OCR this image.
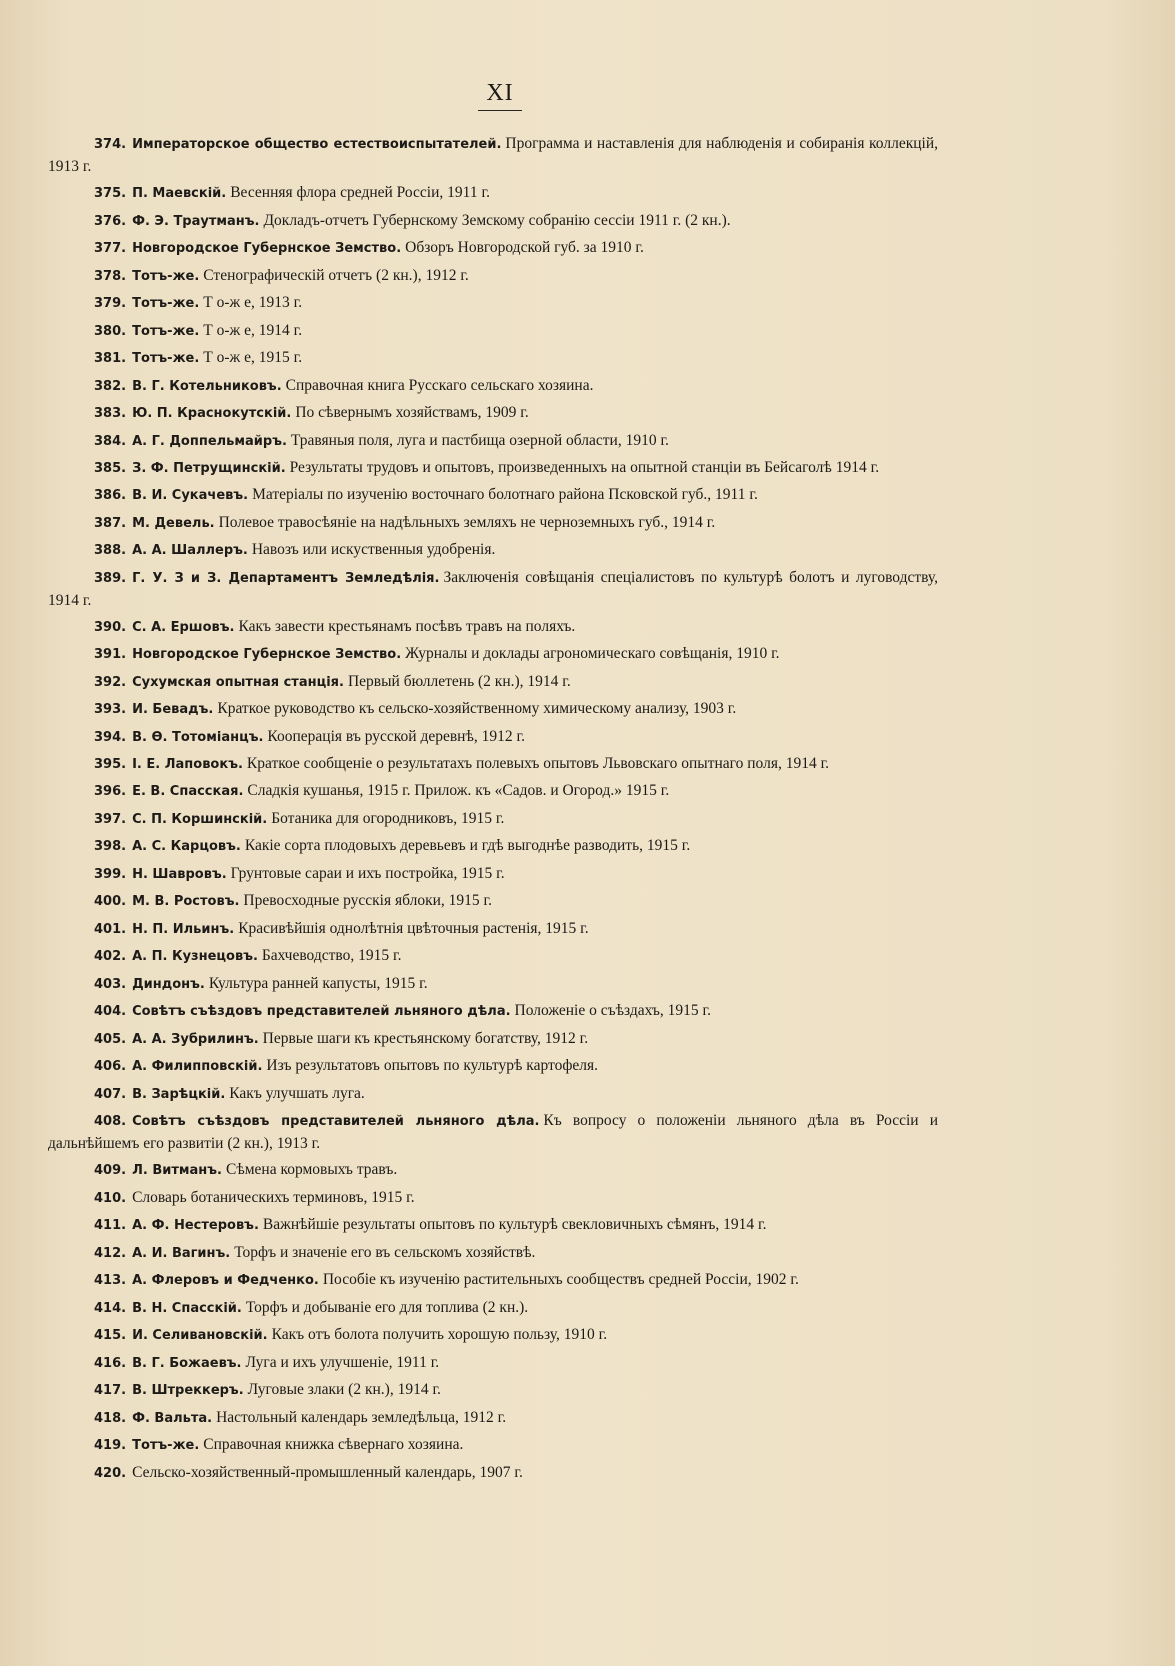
XI
374. Императорское общество естествоиспытателей. Программа и наставленія для наблюденія и собиранія коллекцій, 1913 г.
375. П. Маевскій. Весенняя флора средней Россіи, 1911 г.
376. Ф. Э. Траутманъ. Докладъ-отчетъ Губернскому Земскому собранію сессіи 1911 г. (2 кн.).
377. Новгородское Губернское Земство. Обзоръ Новгородской губ. за 1910 г.
378. Тотъ-же. Стенографическій отчетъ (2 кн.), 1912 г.
379. Тотъ-же. Т о-ж е, 1913 г.
380. Тотъ-же. Т о-ж е, 1914 г.
381. Тотъ-же. Т о-ж е, 1915 г.
382. В. Г. Котельниковъ. Справочная книга Русскаго сельскаго хозяина.
383. Ю. П. Краснокутскій. По сѣвернымъ хозяйствамъ, 1909 г.
384. А. Г. Доппельмайръ. Травяныя поля, луга и пастбища озерной области, 1910 г.
385. З. Ф. Петрущинскій. Результаты трудовъ и опытовъ, произведенныхъ на опытной станціи въ Бейсаголѣ 1914 г.
386. В. И. Сукачевъ. Матеріалы по изученію восточнаго болотнаго района Псковской губ., 1911 г.
387. М. Девель. Полевое травосѣяніе на надѣльныхъ земляхъ не черноземныхъ губ., 1914 г.
388. А. А. Шаллеръ. Навозъ или искуственныя удобренія.
389. Г. У. З и З. Департаментъ Земледѣлія. Заключенія совѣщанія спеціалистовъ по культурѣ болотъ и луговодству, 1914 г.
390. С. А. Ершовъ. Какъ завести крестьянамъ посѣвъ травъ на поляхъ.
391. Новгородское Губернское Земство. Журналы и доклады агрономическаго совѣщанія, 1910 г.
392. Сухумская опытная станція. Первый бюллетень (2 кн.), 1914 г.
393. И. Бевадъ. Краткое руководство къ сельско-хозяйственному химическому анализу, 1903 г.
394. В. Ѳ. Тотоміанцъ. Кооперація въ русской деревнѣ, 1912 г.
395. І. Е. Лаповокъ. Краткое сообщеніе о результатахъ полевыхъ опытовъ Львовскаго опытнаго поля, 1914 г.
396. Е. В. Спасская. Сладкія кушанья, 1915 г. Прилож. къ «Садов. и Огород.» 1915 г.
397. С. П. Коршинскій. Ботаника для огородниковъ, 1915 г.
398. А. С. Карцовъ. Какіе сорта плодовыхъ деревьевъ и гдѣ выгоднѣе разводить, 1915 г.
399. Н. Шавровъ. Грунтовые сараи и ихъ постройка, 1915 г.
400. М. В. Ростовъ. Превосходные русскія яблоки, 1915 г.
401. Н. П. Ильинъ. Красивѣйшія однолѣтнія цвѣточныя растенія, 1915 г.
402. А. П. Кузнецовъ. Бахчеводство, 1915 г.
403. Диндонъ. Культура ранней капусты, 1915 г.
404. Совѣтъ съѣздовъ представителей льняного дѣла. Положеніе о съѣздахъ, 1915 г.
405. А. А. Зубрилинъ. Первые шаги къ крестьянскому богатству, 1912 г.
406. А. Филипповскій. Изъ результатовъ опытовъ по культурѣ картофеля.
407. В. Зарѣцкій. Какъ улучшать луга.
408. Совѣтъ съѣздовъ представителей льняного дѣла. Къ вопросу о положеніи льняного дѣла въ Россіи и дальнѣйшемъ его развитіи (2 кн.), 1913 г.
409. Л. Витманъ. Сѣмена кормовыхъ травъ.
410. Словарь ботаническихъ терминовъ, 1915 г.
411. А. Ф. Нестеровъ. Важнѣйшіе результаты опытовъ по культурѣ свекловичныхъ сѣмянъ, 1914 г.
412. А. И. Вагинъ. Торфъ и значеніе его въ сельскомъ хозяйствѣ.
413. А. Флеровъ и Федченко. Пособіе къ изученію растительныхъ сообществъ средней Россіи, 1902 г.
414. В. Н. Спасскій. Торфъ и добываніе его для топлива (2 кн.).
415. И. Селивановскій. Какъ отъ болота получить хорошую пользу, 1910 г.
416. В. Г. Божаевъ. Луга и ихъ улучшеніе, 1911 г.
417. В. Штреккеръ. Луговые злаки (2 кн.), 1914 г.
418. Ф. Вальта. Настольный календарь земледѣльца, 1912 г.
419. Тотъ-же. Справочная книжка сѣвернаго хозяина.
420. Сельско-хозяйственный-промышленный календарь, 1907 г.
